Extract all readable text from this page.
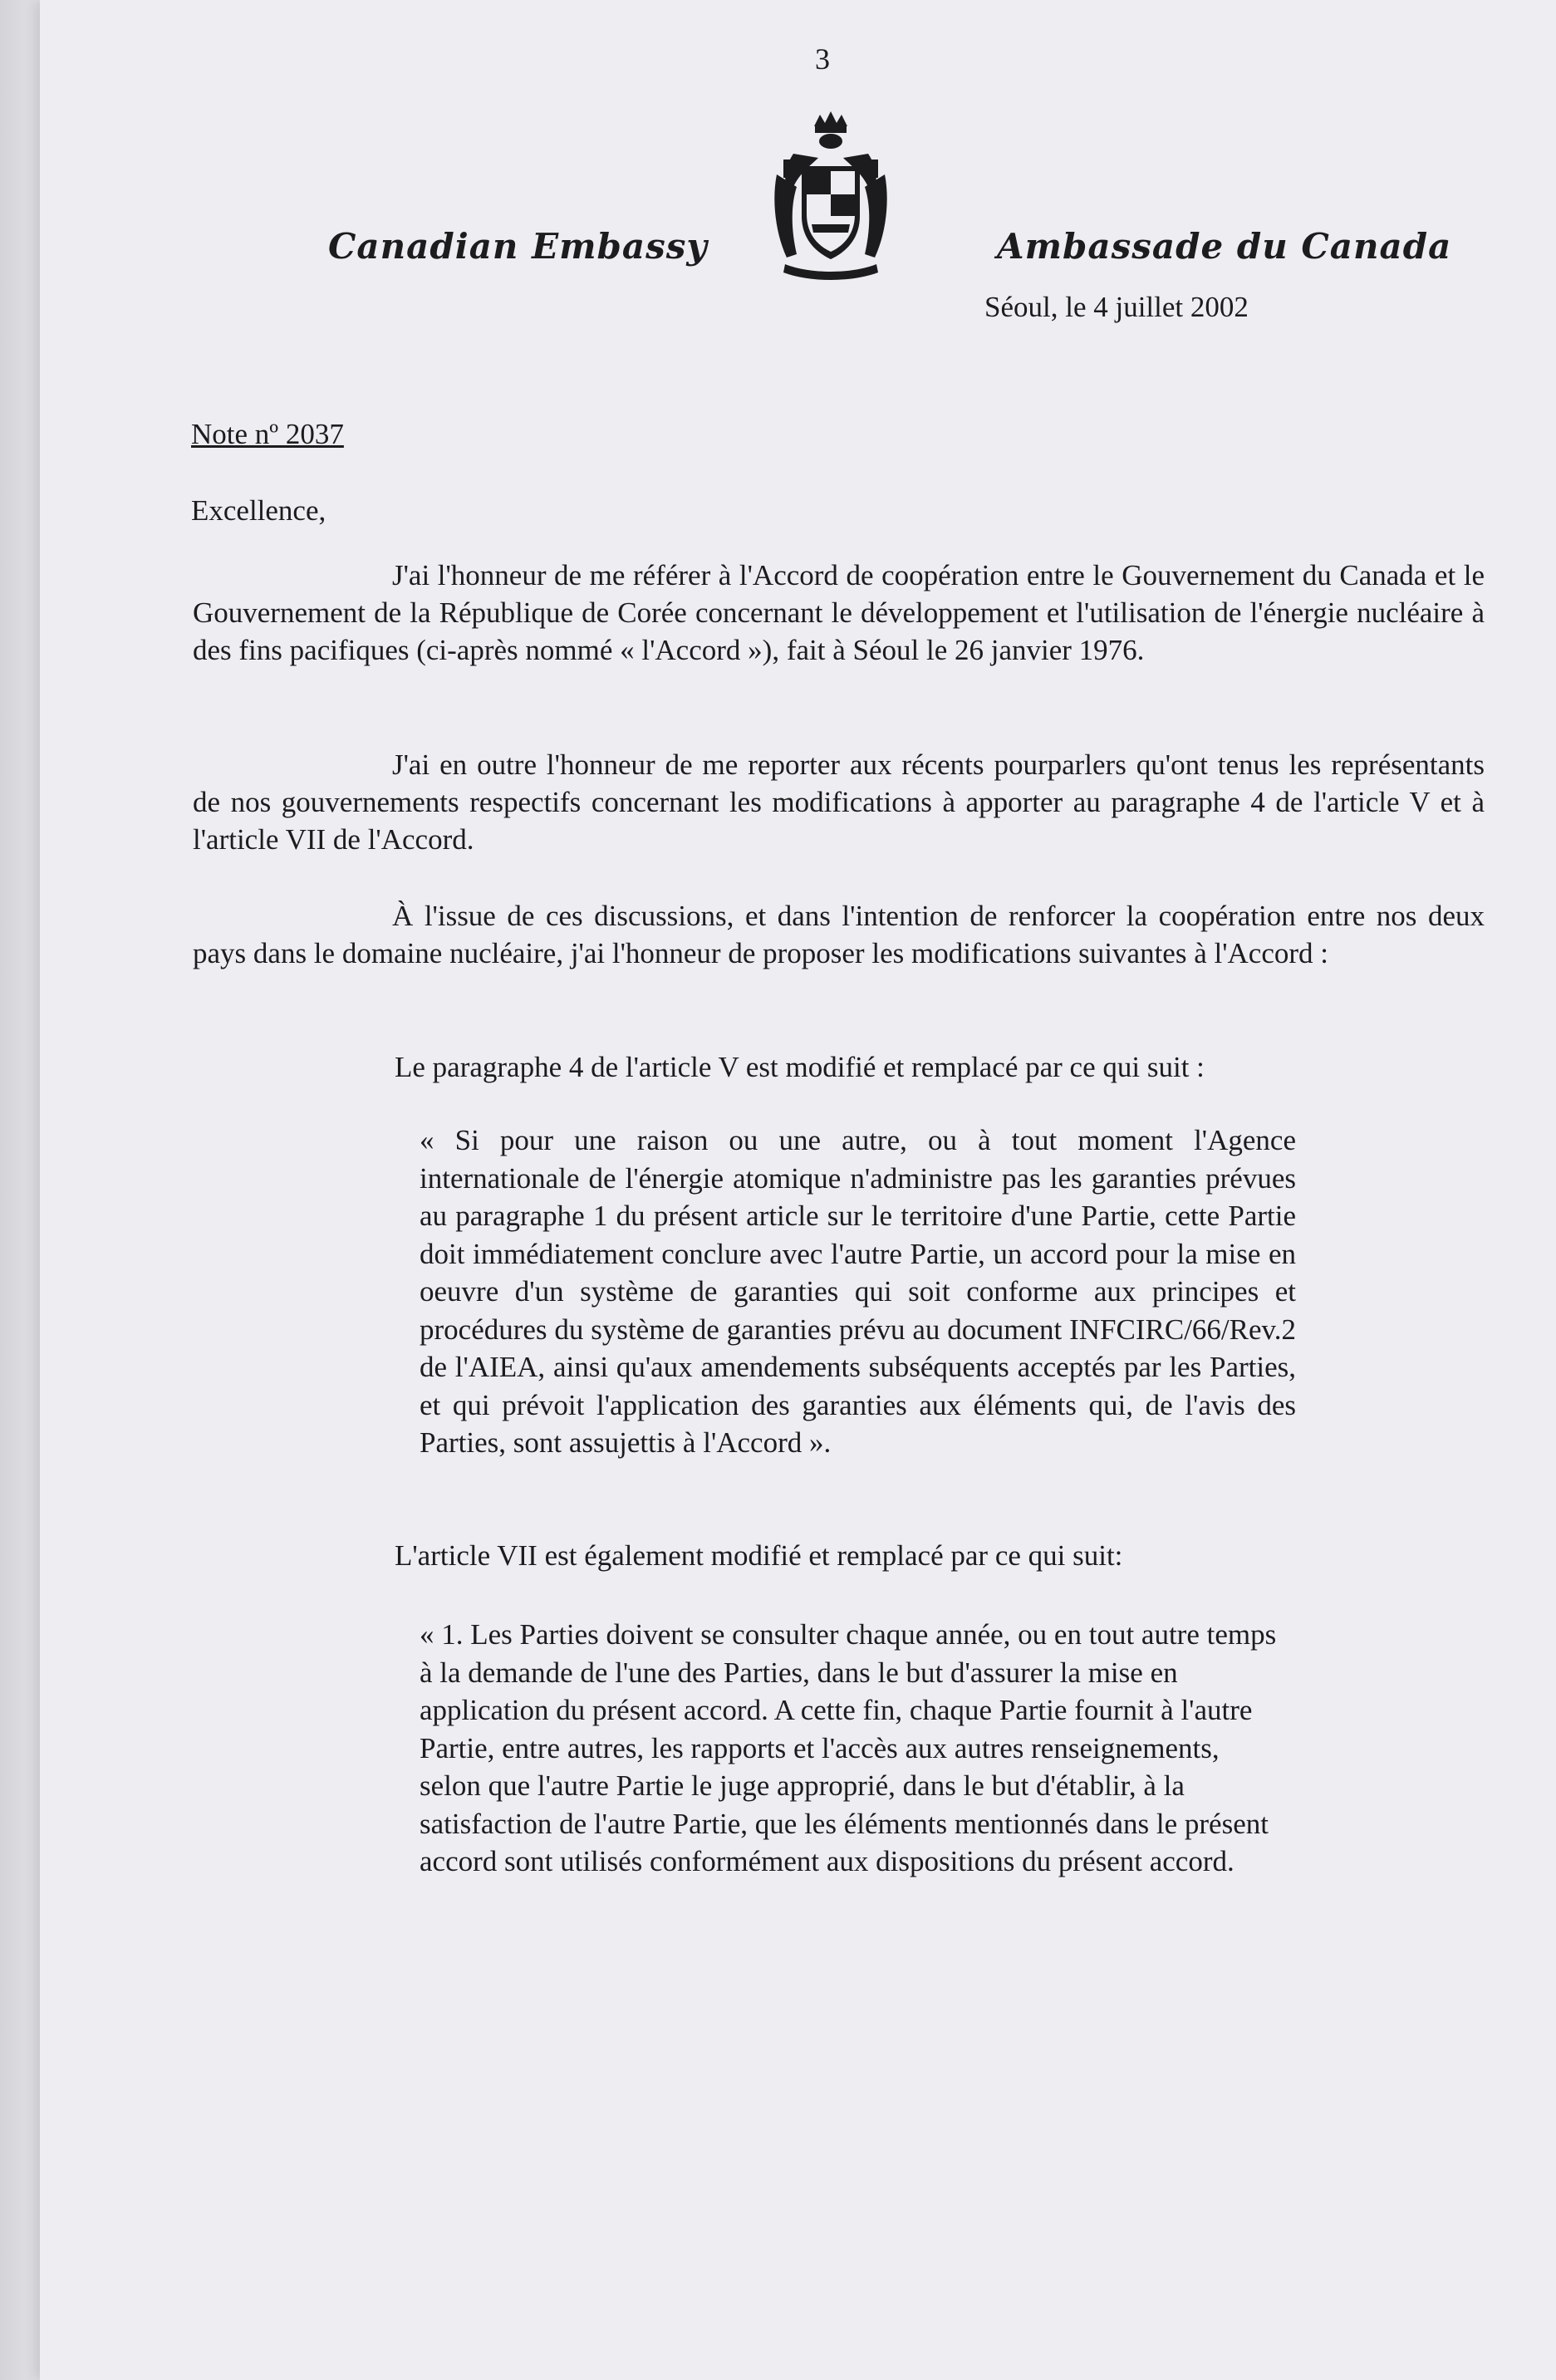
3
Canadian Embassy	Ambassade du Canada
Séoul, le 4 juillet 2002
Note nº 2037
Excellence,

J'ai l'honneur de me référer à l'Accord de coopération entre le Gouvernement du Canada et le Gouvernement de la République de Corée concernant le développement et l'utilisation de l'énergie nucléaire à des fins pacifiques (ci-après nommé « l'Accord »), fait à Séoul le 26 janvier 1976.

J'ai en outre l'honneur de me reporter aux récents pourparlers qu'ont tenus les représentants de nos gouvernements respectifs concernant les modifications à apporter au paragraphe 4 de l'article V et à l'article VII de l'Accord.

À l'issue de ces discussions, et dans l'intention de renforcer la coopération entre nos deux pays dans le domaine nucléaire, j'ai l'honneur de proposer les modifications suivantes à l'Accord :

Le paragraphe 4 de l'article V est modifié et remplacé par ce qui suit :

« Si pour une raison ou une autre, ou à tout moment l'Agence internationale de l'énergie atomique n'administre pas les garanties prévues au paragraphe 1 du présent article sur le territoire d'une Partie, cette Partie doit immédiatement conclure avec l'autre Partie, un accord pour la mise en oeuvre d'un système de garanties qui soit conforme aux principes et procédures du système de garanties prévu au document INFCIRC/66/Rev.2 de l'AIEA, ainsi qu'aux amendements subséquents acceptés par les Parties, et qui prévoit l'application des garanties aux éléments qui, de l'avis des Parties, sont assujettis à l'Accord ».

L'article VII est également modifié et remplacé par ce qui suit:

« 1. Les Parties doivent se consulter chaque année, ou en tout autre temps à la demande de l'une des Parties, dans le but d'assurer la mise en application du présent accord. A cette fin, chaque Partie fournit à l'autre Partie, entre autres, les rapports et l'accès aux autres renseignements, selon que l'autre Partie le juge approprié, dans le but d'établir, à la satisfaction de l'autre Partie, que les éléments mentionnés dans le présent accord sont utilisés conformément aux dispositions du présent accord.
